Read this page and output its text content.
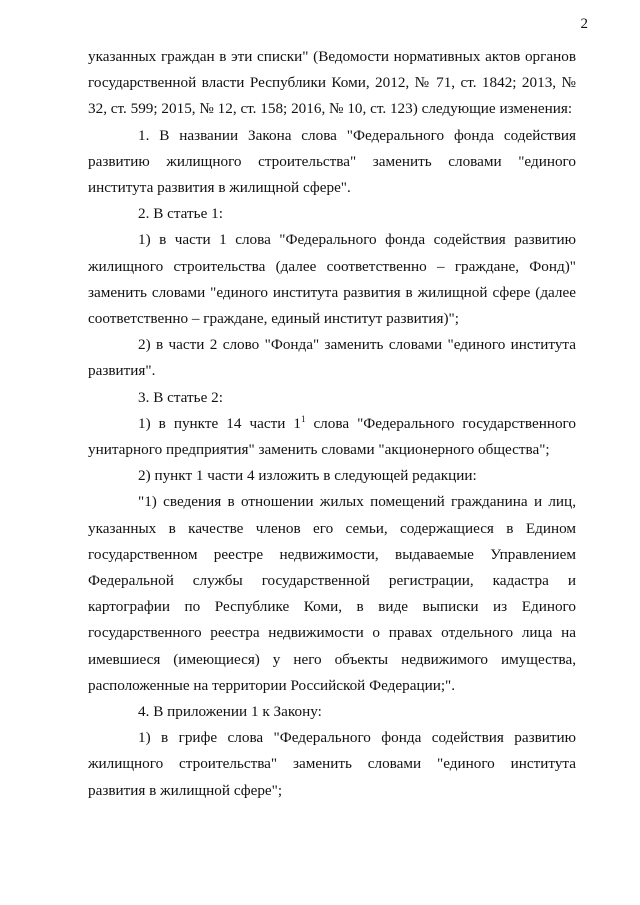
2

указанных граждан в эти списки" (Ведомости нормативных актов органов государственной власти Республики Коми, 2012, № 71, ст. 1842; 2013, № 32, ст. 599; 2015, № 12, ст. 158; 2016, № 10, ст. 123) следующие изменения:

1. В названии Закона слова "Федерального фонда содействия развитию жилищного строительства" заменить словами "единого института развития в жилищной сфере".

2. В статье 1:

1) в части 1 слова "Федерального фонда содействия развитию жилищного строительства (далее соответственно – граждане, Фонд)" заменить словами "единого института развития в жилищной сфере (далее соответственно – граждане, единый институт развития)";

2) в части 2 слово "Фонда" заменить словами "единого института развития".

3. В статье 2:

1) в пункте 14 части $1^1$ слова "Федерального государственного унитарного предприятия" заменить словами "акционерного общества";

2) пункт 1 части 4 изложить в следующей редакции:

"1) сведения в отношении жилых помещений гражданина и лиц, указанных в качестве членов его семьи, содержащиеся в Едином государственном реестре недвижимости, выдаваемые Управлением Федеральной службы государственной регистрации, кадастра и картографии по Республике Коми, в виде выписки из Единого государственного реестра недвижимости о правах отдельного лица на имевшиеся (имеющиеся) у него объекты недвижимого имущества, расположенные на территории Российской Федерации;".

4. В приложении 1 к Закону:

1) в грифе слова "Федерального фонда содействия развитию жилищного строительства" заменить словами "единого института развития в жилищной сфере";
